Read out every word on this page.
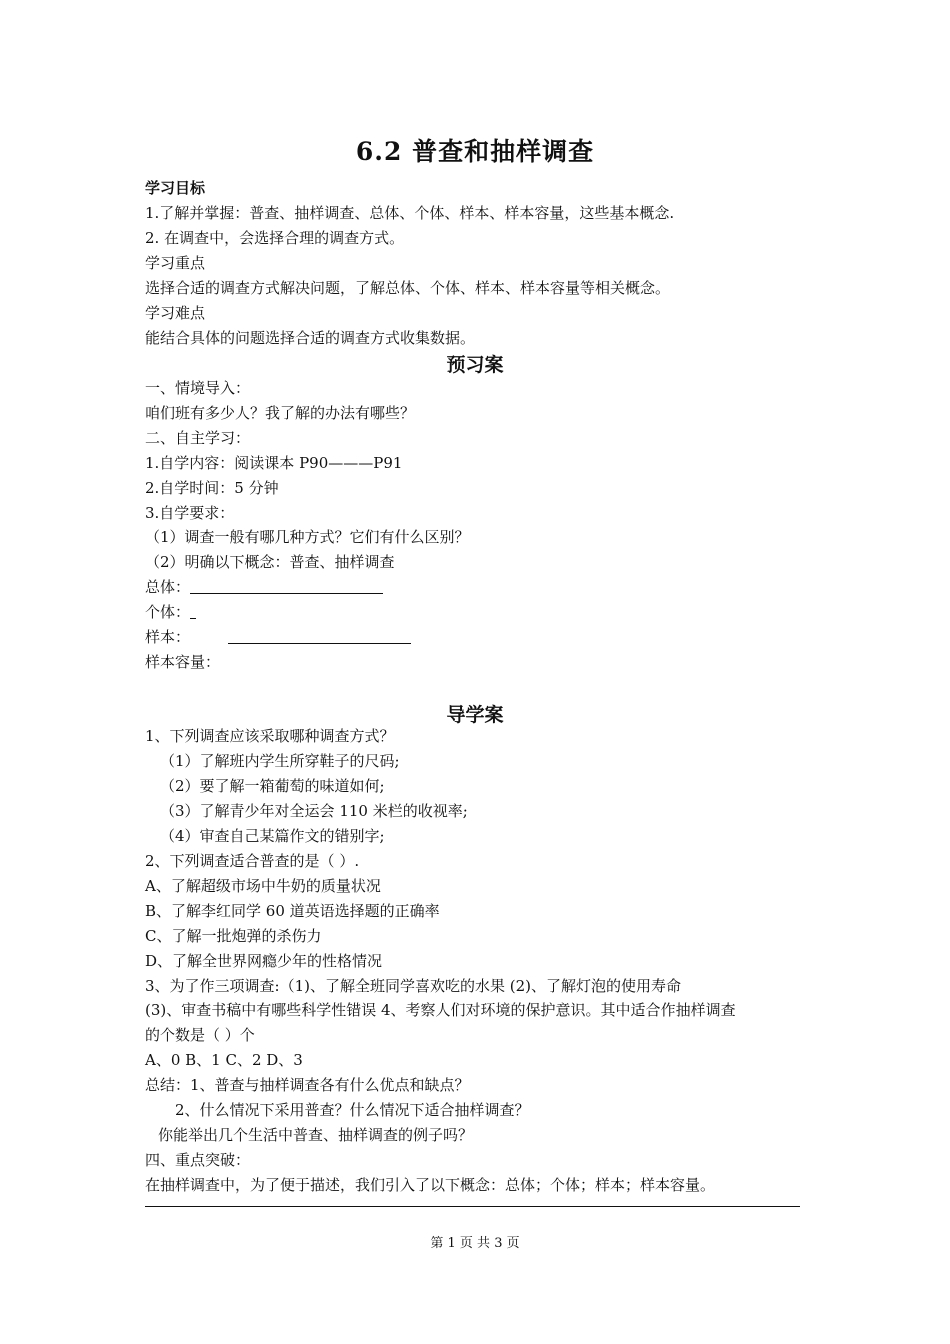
6.2 普查和抽样调查
学习目标
1.了解并掌握：普查、抽样调查、总体、个体、样本、样本容量，这些基本概念.
2. 在调查中，会选择合理的调查方式。
学习重点
选择合适的调查方式解决问题，了解总体、个体、样本、样本容量等相关概念。
学习难点
能结合具体的问题选择合适的调查方式收集数据。
预习案
一、情境导入：
咱们班有多少人？我了解的办法有哪些？
二、自主学习：
1.自学内容：阅读课本 P90———P91
2.自学时间：5 分钟
3.自学要求：
（1）调查一般有哪几种方式？它们有什么区别？
（2）明确以下概念：普查、抽样调查
总体：
个体：
样本：
样本容量：
导学案
1、下列调查应该采取哪种调查方式？
（1）了解班内学生所穿鞋子的尺码;
（2）要了解一箱葡萄的味道如何;
（3）了解青少年对全运会 110 米栏的收视率;
（4）审查自己某篇作文的错别字;
2、下列调查适合普查的是（ ）.
A、了解超级市场中牛奶的质量状况
B、了解李红同学 60 道英语选择题的正确率
C、了解一批炮弹的杀伤力
D、了解全世界网瘾少年的性格情况
3、为了作三项调查:（1)、了解全班同学喜欢吃的水果 (2)、了解灯泡的使用寿命
(3)、审查书稿中有哪些科学性错误 4、考察人们对环境的保护意识。其中适合作抽样调查
的个数是（ ）个
A、0 B、1 C、2 D、3
总结：1、普查与抽样调查各有什么优点和缺点？
2、什么情况下采用普查？什么情况下适合抽样调查？
你能举出几个生活中普查、抽样调查的例子吗？
四、重点突破：
在抽样调查中，为了便于描述，我们引入了以下概念：总体；个体；样本；样本容量。
第 1 页 共 3 页
